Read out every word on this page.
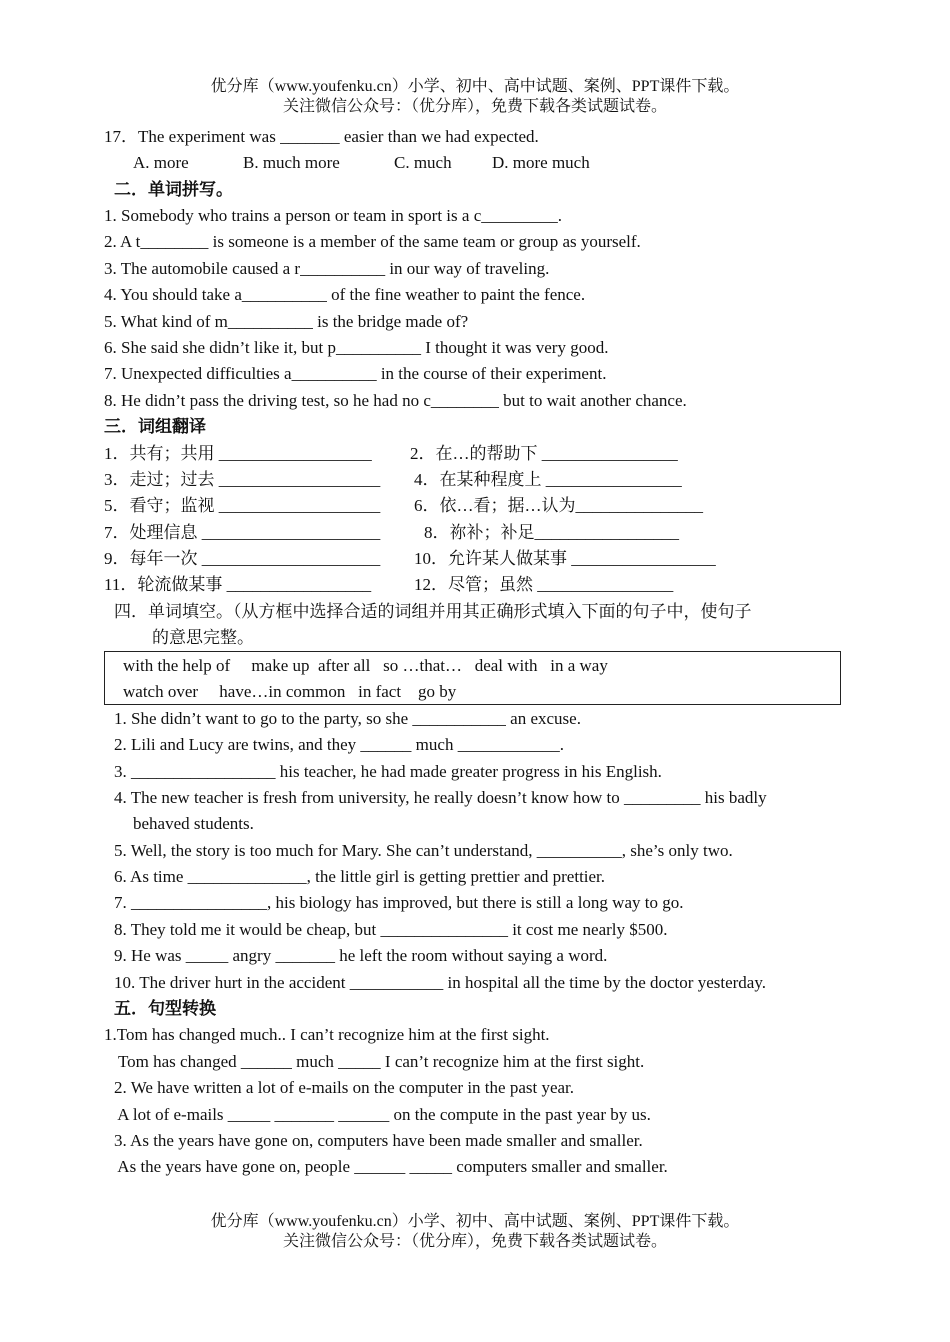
优分库（www.youfenku.cn）小学、初中、高中试题、案例、PPT课件下载。
关注微信公众号：（优分库），免费下载各类试题试卷。
17．The experiment was _______ easier than we had expected.
A. more	B. much more	C. much D. more much
二．单词拼写。
1. Somebody who trains a person or team in sport is a c_________.
2. A t________ is someone is a member of the same team or group as yourself.
3. The automobile caused a r__________ in our way of traveling.
4. You should take a__________ of the fine weather to paint the fence.
5. What kind of m__________ is the bridge made of?
6. She said she didn’t like it, but p__________ I thought it was very good.
7. Unexpected difficulties a__________ in the course of their experiment.
8. He didn’t pass the driving test, so he had no c________ but to wait another chance.
三．词组翻译
1．共有；共用 __________________ 2．在…的帮助下 ________________
3．走过；过去 ___________________ 4．在某种程度上 ________________
5．看守；监视 ___________________ 6．依…看；据…认为_______________
7．处理信息 _____________________	8．祢补；补足_________________
9．每年一次 _____________________ 10．允许某人做某事 _________________
11．轮流做某事 _________________	12．尽管；虽然 ________________
四．单词填空。（从方框中选择合适的词组并用其正确形式填入下面的句子中，使句子
的意思完整。
with the help of     make up  after all   so …that…   deal with   in a way
watch over     have…in common   in fact    go by
1. She didn’t want to go to the party, so she ___________ an excuse.
2. Lili and Lucy are twins, and they ______ much ____________.
3. _________________ his teacher, he had made greater progress in his English.
4. The new teacher is fresh from university, he really doesn’t know how to _________ his badly
behaved students.
5. Well, the story is too much for Mary. She can’t understand, __________, she’s only two.
6. As time ______________, the little girl is getting prettier and prettier.
7. ________________, his biology has improved, but there is still a long way to go.
8. They told me it would be cheap, but _______________ it cost me nearly $500.
9. He was _____ angry _______ he left the room without saying a word.
10. The driver hurt in the accident ___________ in hospital all the time by the doctor yesterday.
五．句型转换
1.Tom has changed much.. I can’t recognize him at the first sight.
Tom has changed ______ much _____ I can’t recognize him at the first sight.
2. We have written a lot of e-mails on the computer in the past year.
A lot of e-mails _____ _______ ______ on the compute in the past year by us.
3. As the years have gone on, computers have been made smaller and smaller.
As the years have gone on, people ______ _____ computers smaller and smaller.
优分库（www.youfenku.cn）小学、初中、高中试题、案例、PPT课件下载。
关注微信公众号：（优分库），免费下载各类试题试卷。
